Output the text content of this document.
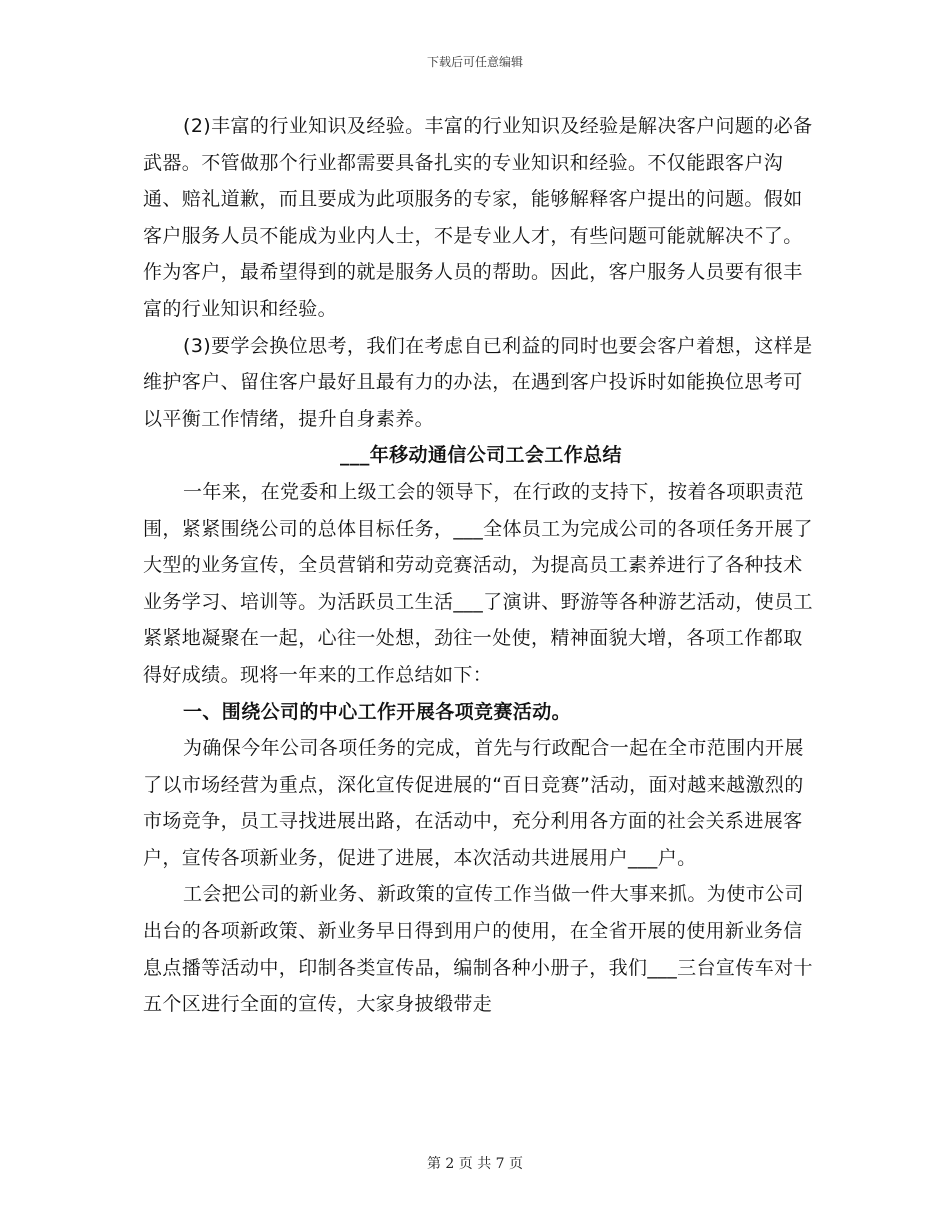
下载后可任意编辑

(2)丰富的行业知识及经验。丰富的行业知识及经验是解决客户问题的必备武器。不管做那个行业都需要具备扎实的专业知识和经验。不仅能跟客户沟通、赔礼道歉，而且要成为此项服务的专家，能够解释客户提出的问题。假如客户服务人员不能成为业内人士，不是专业人才，有些问题可能就解决不了。作为客户，最希望得到的就是服务人员的帮助。因此，客户服务人员要有很丰富的行业知识和经验。

(3)要学会换位思考，我们在考虑自已利益的同时也要会客户着想，这样是维护客户、留住客户最好且最有力的办法，在遇到客户投诉时如能换位思考可以平衡工作情绪，提升自身素养。

___年移动通信公司工会工作总结

一年来，在党委和上级工会的领导下，在行政的支持下，按着各项职责范围，紧紧围绕公司的总体目标任务，___全体员工为完成公司的各项任务开展了大型的业务宣传，全员营销和劳动竞赛活动，为提高员工素养进行了各种技术业务学习、培训等。为活跃员工生活___了演讲、野游等各种游艺活动，使员工紧紧地凝聚在一起，心往一处想，劲往一处使，精神面貌大增，各项工作都取得好成绩。现将一年来的工作总结如下：

一、围绕公司的中心工作开展各项竞赛活动。

为确保今年公司各项任务的完成，首先与行政配合一起在全市范围内开展了以市场经营为重点，深化宣传促进展的“百日竞赛”活动，面对越来越激烈的市场竞争，员工寻找进展出路，在活动中，充分利用各方面的社会关系进展客户，宣传各项新业务，促进了进展，本次活动共进展用户___户。

工会把公司的新业务、新政策的宣传工作当做一件大事来抓。为使市公司出台的各项新政策、新业务早日得到用户的使用，在全省开展的使用新业务信息点播等活动中，印制各类宣传品，编制各种小册子，我们___三台宣传车对十五个区进行全面的宣传，大家身披缎带走

第 2 页 共 7 页
